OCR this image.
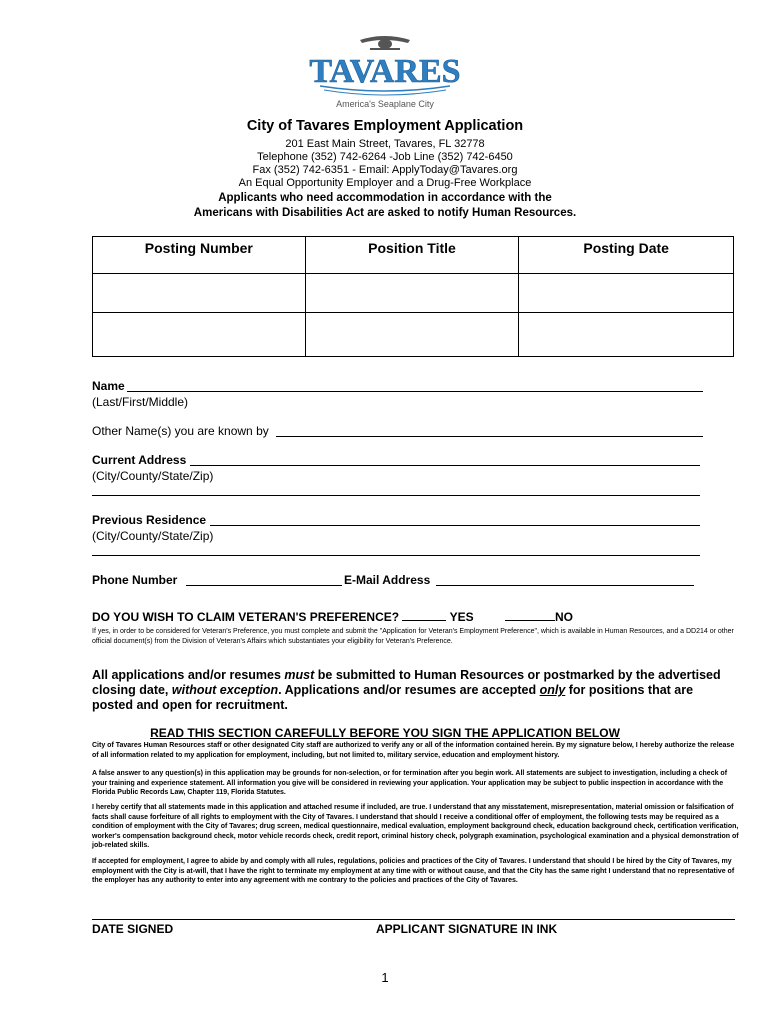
TAVARES
America's Seaplane City
City of Tavares Employment Application
201 East Main Street, Tavares, FL 32778
Telephone (352) 742-6264 -Job Line (352) 742-6450
Fax (352) 742-6351 - Email: ApplyToday@Tavares.org
An Equal Opportunity Employer and a Drug-Free Workplace
Applicants who need accommodation in accordance with the
Americans with Disabilities Act are asked to notify Human Resources.
Posting Number	Position Title	Posting Date

Name
(Last/First/Middle)
Other Name(s) you are known by
Current Address
(City/County/State/Zip)
Previous Residence
(City/County/State/Zip)
Phone Number	E-Mail Address
DO YOU WISH TO CLAIM VETERAN'S PREFERENCE?	YES	NO
If yes, in order to be considered for Veteran's Preference, you must complete and submit the "Application for Veteran's Employment Preference", which is available in Human Resources, and a DD214 or other official document(s) from the Division of Veteran's Affairs which substantiates your eligibility for Veteran's Preference.
All applications and/or resumes must be submitted to Human Resources or postmarked by the advertised closing date, without exception. Applications and/or resumes are accepted only for positions that are posted and open for recruitment.
READ THIS SECTION CAREFULLY BEFORE YOU SIGN THE APPLICATION BELOW
City of Tavares Human Resources staff or other designated City staff are authorized to verify any or all of the information contained herein. By my signature below, I hereby authorize the release of all information related to my application for employment, including, but not limited to, military service, education and employment history.
A false answer to any question(s) in this application may be grounds for non-selection, or for termination after you begin work. All statements are subject to investigation, including a check of your training and experience statement. All information you give will be considered in reviewing your application. Your application may be subject to public inspection in accordance with the Florida Public Records Law, Chapter 119, Florida Statutes.
I hereby certify that all statements made in this application and attached resume if included, are true. I understand that any misstatement, misrepresentation, material omission or falsification of facts shall cause forfeiture of all rights to employment with the City of Tavares. I understand that should I receive a conditional offer of employment, the following tests may be required as a condition of employment with the City of Tavares; drug screen, medical questionnaire, medical evaluation, employment background check, education background check, certification verification, worker's compensation background check, motor vehicle records check, credit report, criminal history check, polygraph examination, psychological examination and a physical demonstration of job-related skills.
If accepted for employment, I agree to abide by and comply with all rules, regulations, policies and practices of the City of Tavares. I understand that should I be hired by the City of Tavares, my employment with the City is at-will, that I have the right to terminate my employment at any time with or without cause, and that the City has the same right I understand that no representative of the employer has any authority to enter into any agreement with me contrary to the policies and practices of the City of Tavares.
DATE SIGNED	APPLICANT SIGNATURE IN INK
1
